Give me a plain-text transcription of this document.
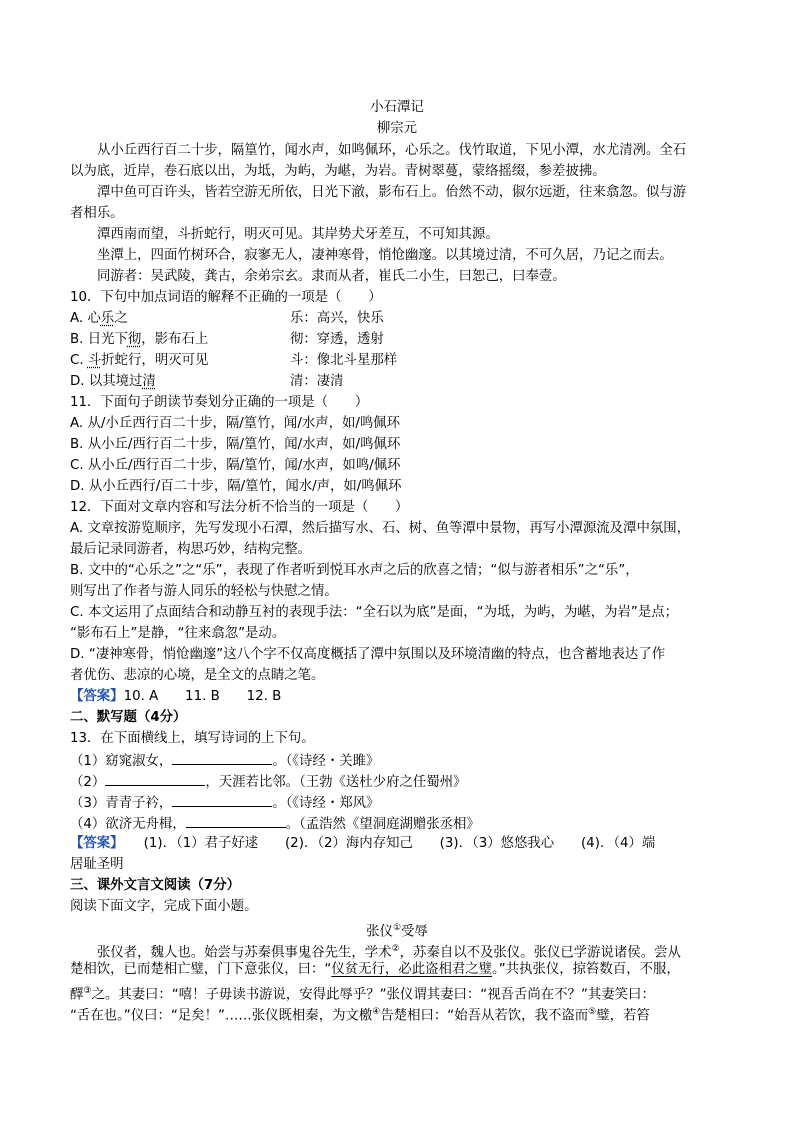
小石潭记
柳宗元
从小丘西行百二十步，隔篁竹，闻水声，如鸣佩环，心乐之。伐竹取道，下见小潭，水尤清冽。全石
以为底，近岸，卷石底以出，为坻，为屿，为嵁，为岩。青树翠蔓，蒙络摇缀，参差披拂。
潭中鱼可百许头，皆若空游无所依，日光下澈，影布石上。佁然不动，俶尔远逝，往来翕忽。似与游
者相乐。
潭西南而望，斗折蛇行，明灭可见。其岸势犬牙差互，不可知其源。
坐潭上，四面竹树环合，寂寥无人，凄神寒骨，悄怆幽邃。以其境过清，不可久居，乃记之而去。
同游者：吴武陵，龚古，余弟宗玄。隶而从者，崔氏二小生，曰恕己，曰奉壹。
10．下句中加点词语的解释不正确的一项是（　　）
A. 心乐之	乐：高兴，快乐
B. 日光下彻，影布石上	彻：穿透，透射
C. 斗折蛇行，明灭可见	斗：像北斗星那样
D. 以其境过清	清：凄清
11．下面句子朗读节奏划分正确的一项是（　　）
A. 从/小丘西行百二十步，隔/篁竹，闻/水声，如/鸣佩环
B. 从小丘/西行百二十步，隔/篁竹，闻/水声，如/鸣佩环
C. 从小丘/西行百二十步，隔/篁竹，闻/水声，如鸣/佩环
D. 从小丘西行/百二十步，隔/篁竹，闻水/声，如/鸣佩环
12．下面对文章内容和写法分析不恰当的一项是（　　）
A. 文章按游览顺序，先写发现小石潭，然后描写水、石、树、鱼等潭中景物，再写小潭源流及潭中氛围，
最后记录同游者，构思巧妙，结构完整。
B. 文中的“心乐之”之“乐”，表现了作者听到悦耳水声之后的欣喜之情；“似与游者相乐”之“乐”，
则写出了作者与游人同乐的轻松与快慰之情。
C. 本文运用了点面结合和动静互衬的表现手法：“全石以为底”是面，“为坻，为屿，为嵁，为岩”是点；
“影布石上”是静，“往来翕忽”是动。
D. “凄神寒骨，悄怆幽邃”这八个字不仅高度概括了潭中氛围以及环境清幽的特点，也含蓄地表达了作
者优伤、悲凉的心境，是全文的点睛之笔。
【答案】10. A　　11. B　　12. B
二、默写题（4分）
13．在下面横线上，填写诗词的上下句。
（1）窈窕淑女，	。（《诗经・关雎》
（2）	，天涯若比邻。（王勃《送杜少府之任蜀州》
（3）青青子衿，	。（《诗经・郑风》
（4）欲济无舟楫，	。（孟浩然《望洞庭湖赠张丞相》
【答案】　　(1)．（1）君子好逑　　(2)．（2）海内存知己　　(3)．（3）悠悠我心　　(4)．（4）端
居耻圣明
三、课外文言文阅读（7分）
阅读下面文字，完成下面小题。
张仪①受辱
张仪者，魏人也。始尝与苏秦俱事鬼谷先生，学术②，苏秦自以不及张仪。张仪已学游说诸侯。尝从
楚相饮，已而楚相亡璧，门下意张仪，曰：“仪贫无行，必此盗相君之璧。”共执张仪，掠笞数百，不服，
醳③之。其妻曰：“嘻！子毋读书游说，安得此辱乎？”张仪谓其妻曰：“视吾舌尚在不？”其妻笑曰：
“舌在也。”仪曰：“足矣！”……张仪既相秦，为文檄④告楚相曰：“始吾从若饮，我不盗而⑤璧，若笞
